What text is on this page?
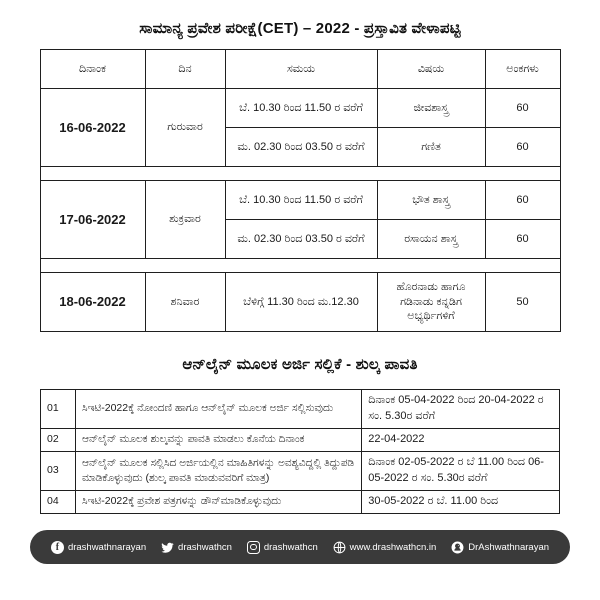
ಸಾಮಾನ್ಯ ಪ್ರವೇಶ ಪರೀಕ್ಷೆ(CET) – 2022 - ಪ್ರಸ್ತಾವಿತ ವೇಳಾಪಟ್ಟಿ
ದಿನಾಂಕ	ದಿನ	ಸಮಯ	ವಿಷಯ	ಅಂಕಗಳು
16-06-2022	ಗುರುವಾರ	ಬೆ. 10.30 ರಿಂದ 11.50 ರ ವರೆಗೆ	ಜೀವಶಾಸ್ತ್ರ	60
		ಮ. 02.30 ರಿಂದ 03.50 ರ ವರೆಗೆ	ಗಣಿತ	60

17-06-2022	ಶುಕ್ರವಾರ	ಬೆ. 10.30 ರಿಂದ 11.50 ರ ವರೆಗೆ	ಭೌತ ಶಾಸ್ತ್ರ	60
		ಮ. 02.30 ರಿಂದ 03.50 ರ ವರೆಗೆ	ರಸಾಯನ ಶಾಸ್ತ್ರ	60

18-06-2022	ಶನಿವಾರ	ಬೆಳಿಗ್ಗೆ 11.30 ರಿಂದ ಮ.12.30	ಹೊರನಾಡು ಹಾಗೂ ಗಡಿನಾಡು ಕನ್ನಡಿಗ ಅಭ್ಯರ್ಥಿಗಳಿಗೆ	50
ಆನ್‌ಲೈನ್ ಮೂಲಕ ಅರ್ಜಿ ಸಲ್ಲಿಕೆ - ಶುಲ್ಕ ಪಾವತಿ
01	ಸಿಇಟಿ-2022ಕ್ಕೆ ನೋಂದಣಿ ಹಾಗೂ ಆನ್‌ಲೈನ್ ಮೂಲಕ ಅರ್ಜಿ ಸಲ್ಲಿಸುವುದು	ದಿನಾಂಕ 05-04-2022 ರಿಂದ 20-04-2022 ರ ಸಂ. 5.30ರ ವರೆಗೆ
02	ಆನ್‌ಲೈನ್ ಮೂಲಕ ಶುಲ್ಕವನ್ನು ಪಾವತಿ ಮಾಡಲು ಕೊನೆಯ ದಿನಾಂಕ	22-04-2022
03	ಆನ್‌ಲೈನ್ ಮೂಲಕ ಸಲ್ಲಿಸಿದ ಅರ್ಜಿಯಲ್ಲಿನ ಮಾಹಿತಿಗಳನ್ನು ಅವಶ್ಯವಿದ್ದಲ್ಲಿ ತಿದ್ದುಪಡಿ ಮಾಡಿಕೊಳ್ಳುವುದು (ಶುಲ್ಕ ಪಾವತಿ ಮಾಡುವವರಿಗೆ ಮಾತ್ರ)	ದಿನಾಂಕ 02-05-2022 ರ ಬೆ 11.00 ರಿಂದ 06-05-2022 ರ ಸಂ. 5.30ರ ವರೆಗೆ
04	ಸಿಇಟಿ-2022ಕ್ಕೆ ಪ್ರವೇಶ ಪತ್ರಗಳನ್ನು ಡೌನ್‌ಮಾಡಿಕೊಳ್ಳುವುದು	30-05-2022 ರ ಬೆ. 11.00 ರಿಂದ
f drashwathnarayan	drashwathcn	drashwathcn	www.drashwathcn.in	DrAshwathnarayan
